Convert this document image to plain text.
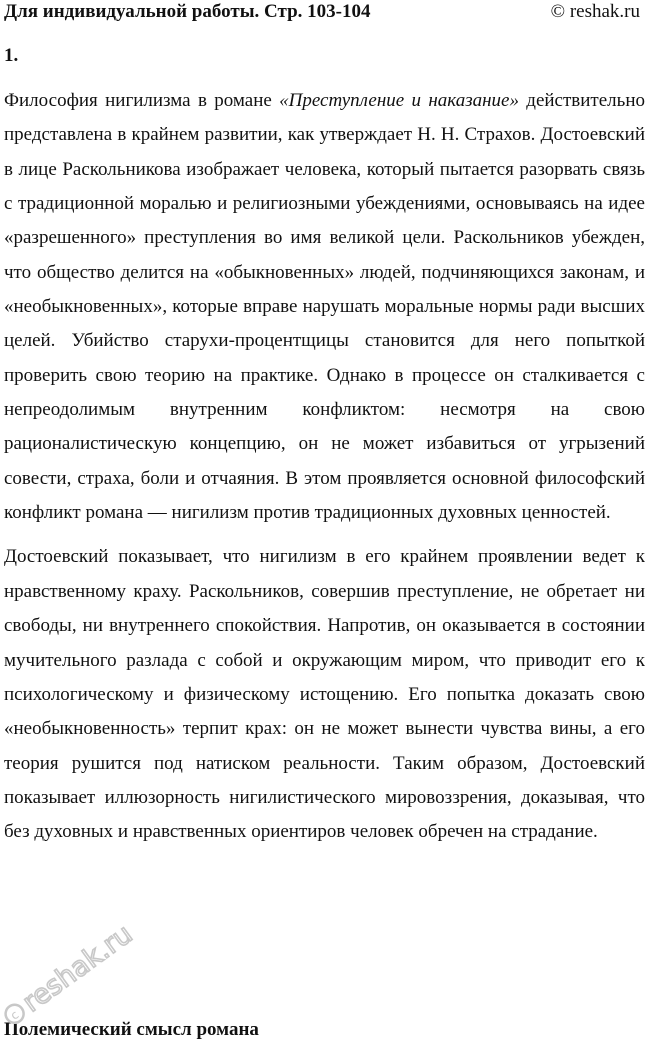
Для индивидуальной работы. Стр. 103-104	© reshak.ru
1.

Философия нигилизма в романе «Преступление и наказание» действительно представлена в крайнем развитии, как утверждает Н. Н. Страхов. Достоевский в лице Раскольникова изображает человека, который пытается разорвать связь с традиционной моралью и религиозными убеждениями, основываясь на идее «разрешенного» преступления во имя великой цели. Раскольников убежден, что общество делится на «обыкновенных» людей, подчиняющихся законам, и «необыкновенных», которые вправе нарушать моральные нормы ради высших целей. Убийство старухи-процентщицы становится для него попыткой проверить свою теорию на практике. Однако в процессе он сталкивается с непреодолимым внутренним конфликтом: несмотря на свою рационалистическую концепцию, он не может избавиться от угрызений совести, страха, боли и отчаяния. В этом проявляется основной философский конфликт романа — нигилизм против традиционных духовных ценностей.

Достоевский показывает, что нигилизм в его крайнем проявлении ведет к нравственному краху. Раскольников, совершив преступление, не обретает ни свободы, ни внутреннего спокойствия. Напротив, он оказывается в состоянии мучительного разлада с собой и окружающим миром, что приводит его к психологическому и физическому истощению. Его попытка доказать свою «необыкновенность» терпит крах: он не может вынести чувства вины, а его теория рушится под натиском реальности. Таким образом, Достоевский показывает иллюзорность нигилистического мировоззрения, доказывая, что без духовных и нравственных ориентиров человек обречен на страдание.

Полемический смысл романа
c
reshak.ru
